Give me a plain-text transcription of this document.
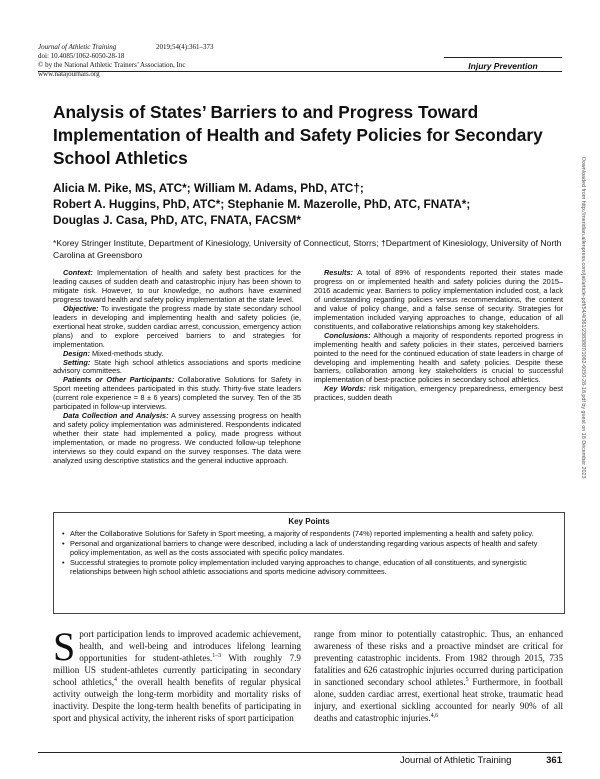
Journal of Athletic Training	2019;54(4):361–373
doi: 10.4085/1062-6050-28-18
© by the National Athletic Trainers’ Association, Inc
www.natajournals.org
Injury Prevention
Analysis of States’ Barriers to and Progress Toward Implementation of Health and Safety Policies for Secondary School Athletics
Alicia M. Pike, MS, ATC*; William M. Adams, PhD, ATC†;
Robert A. Huggins, PhD, ATC*; Stephanie M. Mazerolle, PhD, ATC, FNATA*;
Douglas J. Casa, PhD, ATC, FNATA, FACSM*
*Korey Stringer Institute, Department of Kinesiology, University of Connecticut, Storrs; †Department of Kinesiology, University of North Carolina at Greensboro

Context: Implementation of health and safety best practices for the leading causes of sudden death and catastrophic injury has been shown to mitigate risk. However, to our knowledge, no authors have examined progress toward health and safety policy implementation at the state level.

Objective: To investigate the progress made by state secondary school leaders in developing and implementing health and safety policies (ie, exertional heat stroke, sudden cardiac arrest, concussion, emergency action plans) and to explore perceived barriers to and strategies for implementation.

Design: Mixed-methods study.

Setting: State high school athletics associations and sports medicine advisory committees.

Patients or Other Participants: Collaborative Solutions for Safety in Sport meeting attendees participated in this study. Thirty-five state leaders (current role experience = 8 ± 6 years) completed the survey. Ten of the 35 participated in follow-up interviews.

Data Collection and Analysis: A survey assessing progress on health and safety policy implementation was administered. Respondents indicated whether their state had implemented a policy, made progress without implementation, or made no progress. We conducted follow-up telephone interviews so they could expand on the survey responses. The data were analyzed using descriptive statistics and the general inductive approach.

Results: A total of 89% of respondents reported their states made progress on or implemented health and safety policies during the 2015–2016 academic year. Barriers to policy implementation included cost, a lack of understanding regarding policies versus recommendations, the content and value of policy change, and a false sense of security. Strategies for implementation included varying approaches to change, education of all constituents, and collaborative relationships among key stakeholders.

Conclusions: Although a majority of respondents reported progress in implementing health and safety policies in their states, perceived barriers pointed to the need for the continued education of state leaders in charge of developing and implementing health and safety policies. Despite these barriers, collaboration among key stakeholders is crucial to successful implementation of best-practice policies in secondary school athletics.

Key Words: risk mitigation, emergency preparedness, emergency best practices, sudden death

Key Points
• After the Collaborative Solutions for Safety in Sport meeting, a majority of respondents (74%) reported implementing a health and safety policy.
• Personal and organizational barriers to change were described, including a lack of understanding regarding various aspects of health and safety policy implementation, as well as the costs associated with specific policy mandates.
• Successful strategies to promote policy implementation included varying approaches to change, education of all constituents, and synergistic relationships between high school athletic associations and sports medicine advisory committees.
Sport participation lends to improved academic achievement, health, and well-being and introduces lifelong learning opportunities for student-athletes.$^{1-3}$ With roughly 7.9 million US student-athletes currently participating in secondary school athletics,$^4$ the overall health benefits of regular physical activity outweigh the long-term morbidity and mortality risks of inactivity. Despite the long-term health benefits of participating in sport and physical activity, the inherent risks of sport participation
range from minor to potentially catastrophic. Thus, an enhanced awareness of these risks and a proactive mindset are critical for preventing catastrophic incidents. From 1982 through 2015, 735 fatalities and 626 catastrophic injuries occurred during participation in sanctioned secondary school athletes.$^5$ Furthermore, in football alone, sudden cardiac arrest, exertional heat stroke, traumatic head injury, and exertional sickling accounted for nearly 90% of all deaths and catastrophic injuries.$^{4,6}$
Journal of Athletic Training	361
Downloaded from http://meridian.allenpress.com/jat/article-pdf/54/4/361/2383887/1062-6050-28-18.pdf by guest on 18 December 2023
